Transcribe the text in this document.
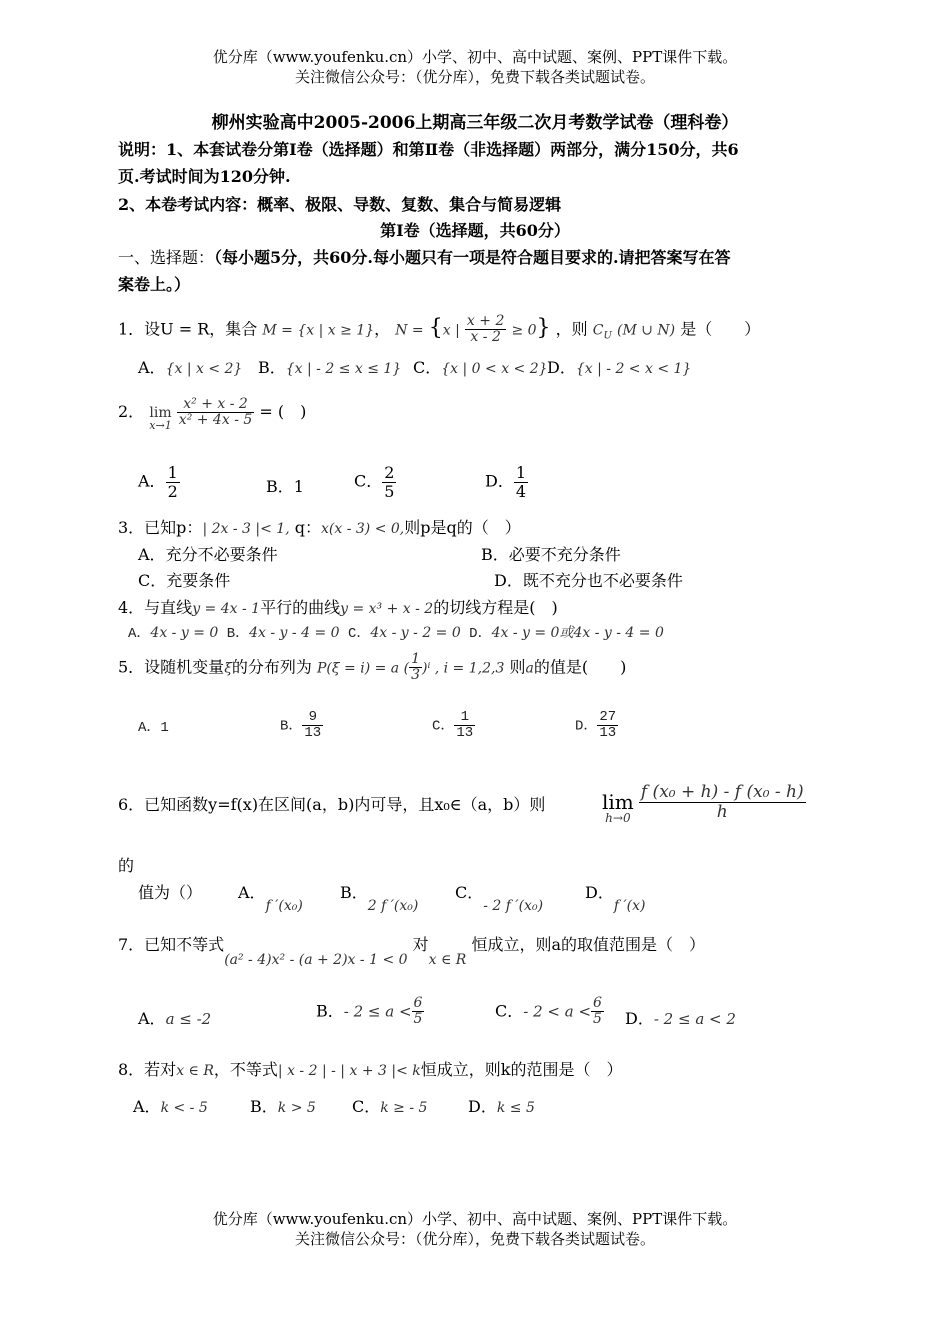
优分库（www.youfenku.cn）小学、初中、高中试题、案例、PPT课件下载。
关注微信公众号：（优分库），免费下载各类试题试卷。
柳州实验高中2005-2006上期高三年级二次月考数学试卷（理科卷）
说明：1、本套试卷分第Ⅰ卷（选择题）和第Ⅱ卷（非选择题）两部分，满分150分，共6
页.考试时间为120分钟.
2、本卷考试内容：概率、极限、导数、复数、集合与简易逻辑
第Ⅰ卷（选择题，共60分）
一、选择题：（每小题5分，共60分.每小题只有一项是符合题目要求的.请把答案写在答
案卷上。）
1．设U = R，集合 M = {x | x ≥ 1}， N = {x | $\frac{x + 2}{x - 2} \ge 0$} ，则 $C_U$ (M ∪ N) 是（　　）
A．{x | x < 2} B．{x | - 2 ≤ x ≤ 1} C．{x | 0 < x < 2} D．{x | - 2 < x < 1}
2． lim
x→1
$\frac{\text{x² + x - 2}}{\text{x² + 4x - 5}}$ = (　)
A． $\frac{1}{2}$	B．1	C． $\frac{2}{5}$	D． $\frac{1}{4}$
3．已知p：| 2x - 3 |< 1, q：x(x - 3) < 0,则p是q的（　）
A．充分不必要条件	B．必要不充分条件
C．充要条件	D．既不充分也不必要条件
4．与直线y = 4x - 1平行的曲线y = x³ + x - 2的切线方程是(　)
A．4x - y = 0 B．4x - y - 4 = 0 C．4x - y - 2 = 0 D．4x - y = 0或4x - y - 4 = 0
5．设随机变量ξ的分布列为 P(ξ = i) = a ( $\frac{1}{3} )^i$ , i = 1,2,3 则a的值是(　　)
A．1	B． $\frac{9}{13}$	C． $\frac{1}{13}$	D． $\frac{27}{13}$
6．已知函数y=f(x)在区间(a，b)内可导，且x₀∈（a，b）则	lim
h→0
$\frac{\text{f (x₀ + h) - f (x₀ - h)}}{h}$
的
值为（） A．f ′(x₀)
B．2 f ′(x₀)
C．- 2 f ′(x₀)
D．f ′(x)
7．已知不等式(a² - 4)x² - (a + 2)x - 1 < 0 对x ∈ R 恒成立，则a的取值范围是（　）
A．a ≤ -2	B．- $2 \le a < \frac{6}{5}$	C．- $2 < a < \frac{6}{5}$ D．- 2 ≤ a < 2
8．若对x ∈ R，不等式| x - 2 | - | x + 3 |< k恒成立，则k的范围是（　）
A．k < - 5	B．k > 5 C．k ≥ - 5	D．k ≤ 5
优分库（www.youfenku.cn）小学、初中、高中试题、案例、PPT课件下载。
关注微信公众号：（优分库），免费下载各类试题试卷。
